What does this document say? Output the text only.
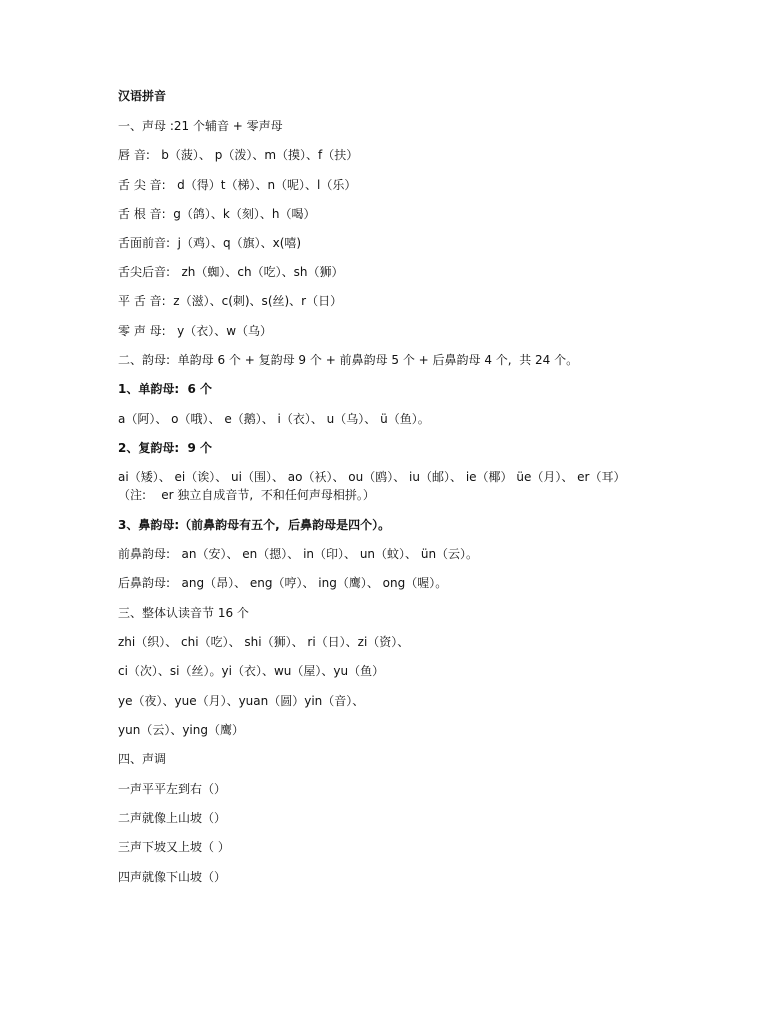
汉语拼音
一、声母 :21 个辅音 + 零声母
唇 音:   b（菠）、 p（泼）、m（摸）、f（扶）
舌 尖 音:   d（得）t（梯）、n（呢）、l（乐）
舌 根 音:  g（鸽）、k（刻）、h（喝）
舌面前音:  j（鸡）、q（旗）、x(嘻)
舌尖后音:   zh（蜘）、ch（吃）、sh（狮）
平 舌 音:  z（滋）、c(刺)、s(丝)、r（日）
零 声 母:   y（衣）、w（乌）
二、韵母:  单韵母 6 个 + 复韵母 9 个 + 前鼻韵母 5 个 + 后鼻韵母 4 个,  共 24 个。
1、单韵母:  6 个
a（阿）、 o（哦）、 e（鹅）、 i（衣）、 u（乌）、 ü（鱼）。
2、复韵母:  9 个
ai（矮）、 ei（诶）、 ui（围）、 ao（袄）、 ou（鸥）、 iu（邮）、 ie（椰） üe（月）、 er（耳）
（注:    er 独立自成音节,  不和任何声母相拼。）
3、鼻韵母:（前鼻韵母有五个,  后鼻韵母是四个）。
前鼻韵母:   an（安）、 en（摁）、 in（印）、 un（蚊）、 ün（云）。
后鼻韵母:   ang（昂）、 eng（哼）、 ing（鹰）、 ong（喔）。
三、整体认读音节 16 个
zhi（织）、 chi（吃）、 shi（狮）、 ri（日）、zi（资）、
ci（次）、si（丝）。yi（衣）、wu（屋）、yu（鱼）
ye（夜）、yue（月）、yuan（圆）yin（音）、
yun（云）、ying（鹰）
四、声调
一声平平左到右（）
二声就像上山坡（）
三声下坡又上坡（ ）
四声就像下山坡（）
